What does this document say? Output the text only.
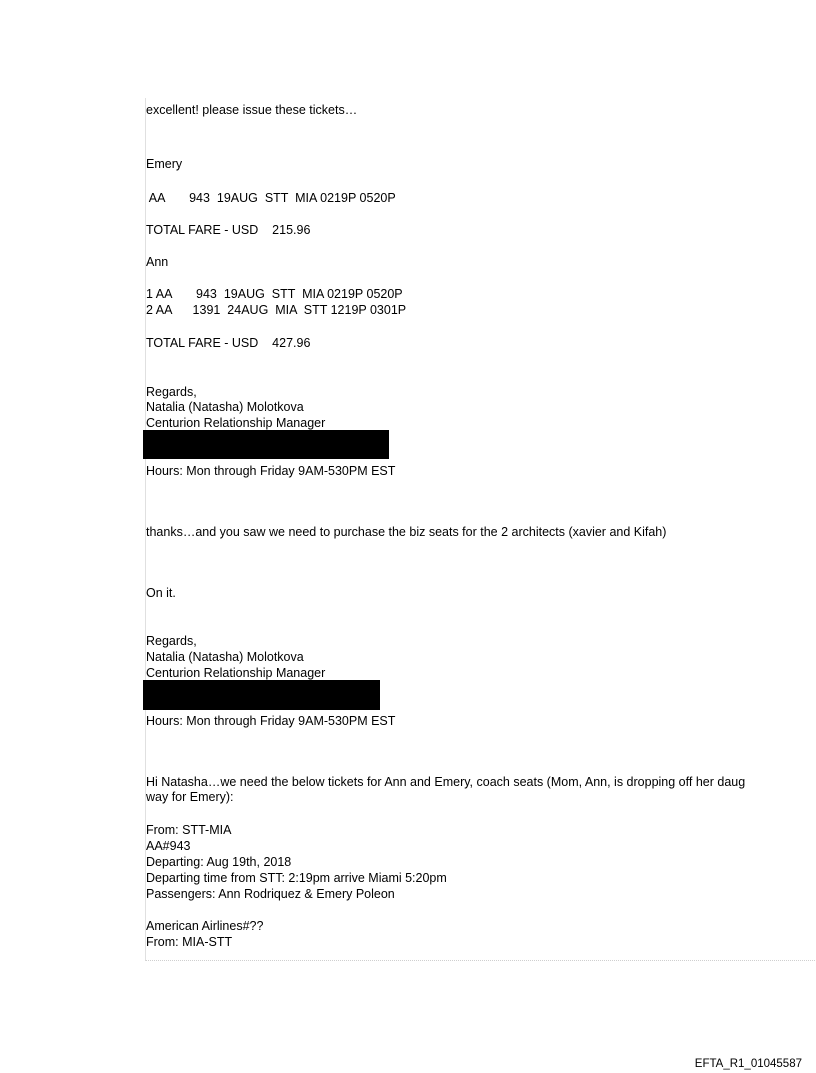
excellent! please issue these tickets…
Emery
AA       943  19AUG  STT  MIA 0219P 0520P
TOTAL FARE - USD    215.96
Ann
1 AA       943  19AUG  STT  MIA 0219P 0520P
2 AA      1391  24AUG  MIA  STT 1219P 0301P
TOTAL FARE - USD    427.96
Regards,
Natalia (Natasha) Molotkova
Centurion Relationship Manager
Hours: Mon through Friday 9AM-530PM EST
thanks…and you saw we need to purchase the biz seats for the 2 architects (xavier and Kifah)
On it.
Regards,
Natalia (Natasha) Molotkova
Centurion Relationship Manager
Hours: Mon through Friday 9AM-530PM EST
Hi Natasha…we need the below tickets for Ann and Emery, coach seats (Mom, Ann, is dropping off her daug
way for Emery):
From: STT-MIA
AA#943
Departing: Aug 19th, 2018
Departing time from STT: 2:19pm arrive Miami 5:20pm
Passengers: Ann Rodriquez & Emery Poleon
American Airlines#??
From: MIA-STT
EFTA_R1_01045587
